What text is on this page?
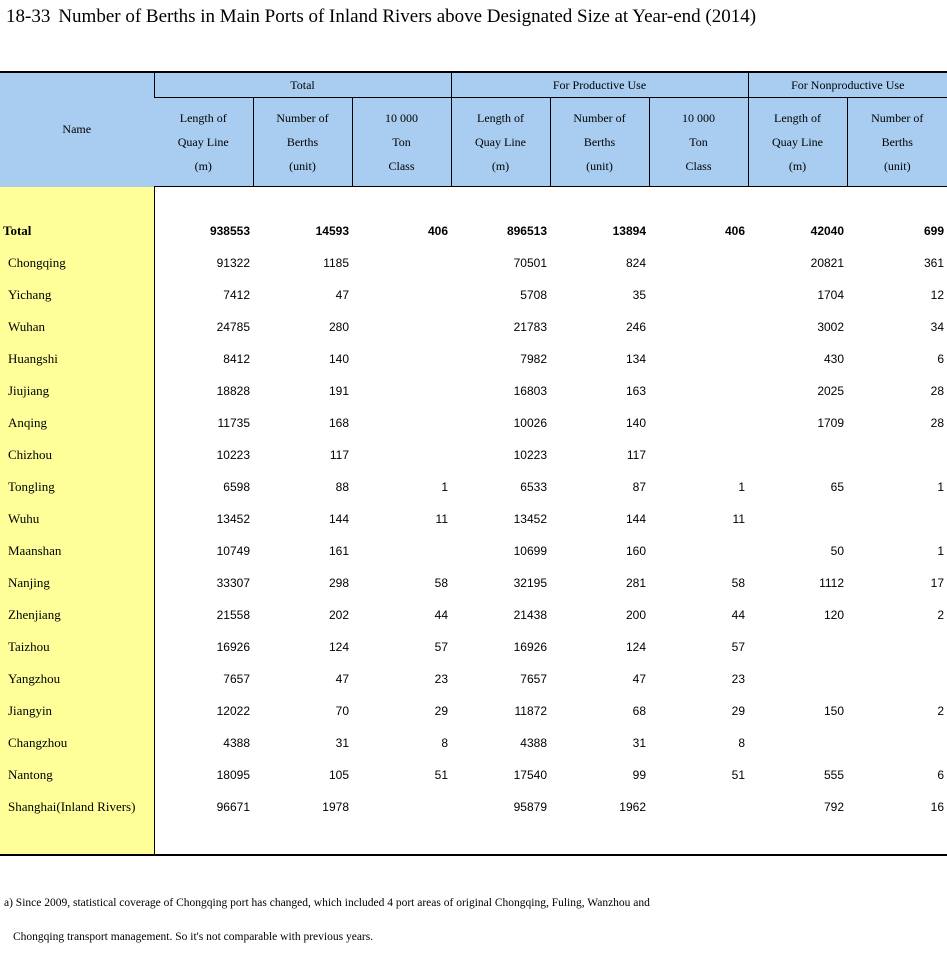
18-33 Number of Berths in Main Ports of Inland Rivers above Designated Size at Year-end (2014)
Name	Total			For Productive Use			For Nonproductive Use	
	Length of
Quay Line
(m)	Number of
Berths
(unit)	10 000
Ton
Class	Length of
Quay Line
(m)	Number of
Berths
(unit)	10 000
Ton
Class	Length of
Quay Line
(m)	Number of
Berths
(unit)

Total	938553	14593	406	896513	13894	406	42040	699
Chongqing	91322	1185		70501	824		20821	361
Yichang	7412	47		5708	35		1704	12
Wuhan	24785	280		21783	246		3002	34
Huangshi	8412	140		7982	134		430	6
Jiujiang	18828	191		16803	163		2025	28
Anqing	11735	168		10026	140		1709	28
Chizhou	10223	117		10223	117			
Tongling	6598	88	1	6533	87	1	65	1
Wuhu	13452	144	11	13452	144	11		
Maanshan	10749	161		10699	160		50	1
Nanjing	33307	298	58	32195	281	58	1112	17
Zhenjiang	21558	202	44	21438	200	44	120	2
Taizhou	16926	124	57	16926	124	57		
Yangzhou	7657	47	23	7657	47	23		
Jiangyin	12022	70	29	11872	68	29	150	2
Changzhou	4388	31	8	4388	31	8		
Nantong	18095	105	51	17540	99	51	555	6
Shanghai(Inland Rivers)	96671	1978		95879	1962		792	16

a) Since 2009, statistical coverage of Chongqing port has changed, which included 4 port areas of original Chongqing, Fuling, Wanzhou and
Chongqing transport management. So it's not comparable with previous years.
